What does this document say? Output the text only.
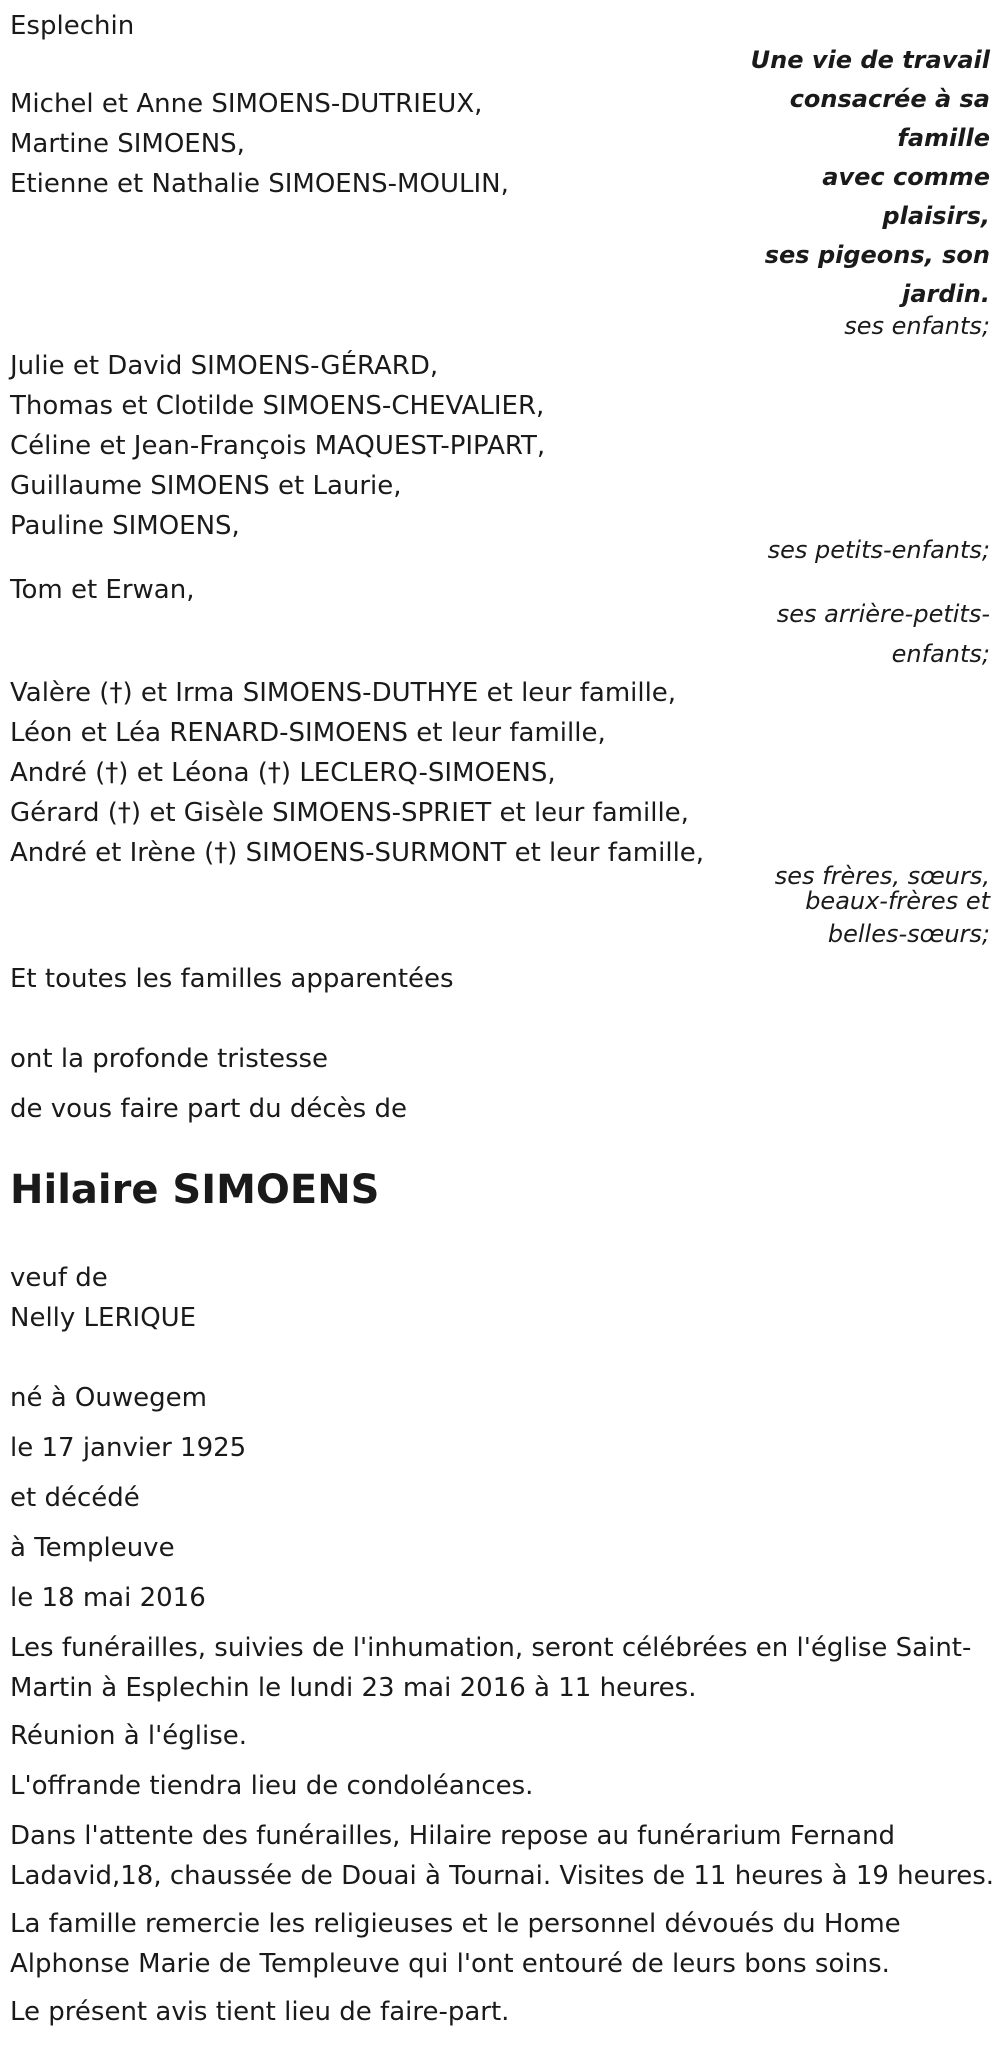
Esplechin
Une vie de travail
consacrée à sa
famille
avec comme
plaisirs,
ses pigeons, son
jardin.
Michel et Anne SIMOENS-DUTRIEUX,
Martine SIMOENS,
Etienne et Nathalie SIMOENS-MOULIN,
ses enfants;
Julie et David SIMOENS-GÉRARD,
Thomas et Clotilde SIMOENS-CHEVALIER,
Céline et Jean-François MAQUEST-PIPART,
Guillaume SIMOENS et Laurie,
Pauline SIMOENS,
ses petits-enfants;
Tom et Erwan,
ses arrière-petits-
enfants;
Valère (†) et Irma SIMOENS-DUTHYE et leur famille,
Léon et Léa RENARD-SIMOENS et leur famille,
André (†) et Léona (†) LECLERQ-SIMOENS,
Gérard (†) et Gisèle SIMOENS-SPRIET et leur famille,
André et Irène (†) SIMOENS-SURMONT et leur famille,
ses frères, sœurs,
beaux-frères et
belles-sœurs;
Et toutes les familles apparentées
ont la profonde tristesse
de vous faire part du décès de
Hilaire SIMOENS
veuf de
Nelly LERIQUE
né à Ouwegem
le 17 janvier 1925
et décédé
à Templeuve
le 18 mai 2016
Les funérailles, suivies de l'inhumation, seront célébrées en l'église Saint-Martin à Esplechin le lundi 23 mai 2016 à 11 heures.
Réunion à l'église.
L'offrande tiendra lieu de condoléances.
Dans l'attente des funérailles, Hilaire repose au funérarium Fernand Ladavid,18, chaussée de Douai à Tournai. Visites de 11 heures à 19 heures.
La famille remercie les religieuses et le personnel dévoués du Home Alphonse Marie de Templeuve qui l'ont entouré de leurs bons soins.
Le présent avis tient lieu de faire-part.
